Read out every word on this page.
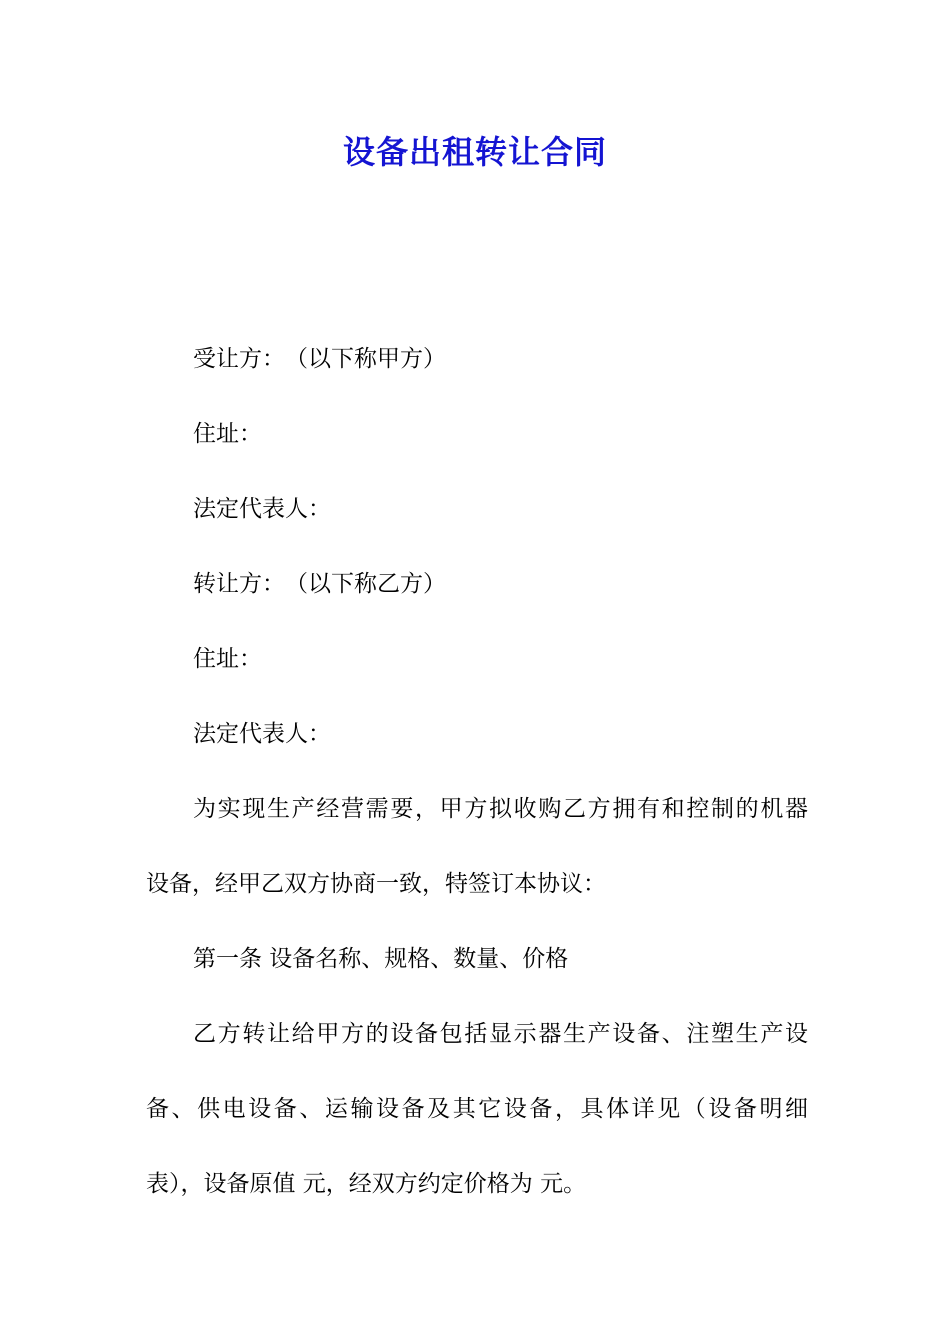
设备出租转让合同

受让方：　（以下称甲方）

住址：

法定代表人：

转让方：　（以下称乙方）

住址：

法定代表人：

为实现生产经营需要，甲方拟收购乙方拥有和控制的机器

设备，经甲乙双方协商一致，特签订本协议：

第一条 设备名称、规格、数量、价格

乙方转让给甲方的设备包括显示器生产设备、注塑生产设

备、供电设备、运输设备及其它设备，具体详见（设备明细

表），设备原值 元，经双方约定价格为 元。
